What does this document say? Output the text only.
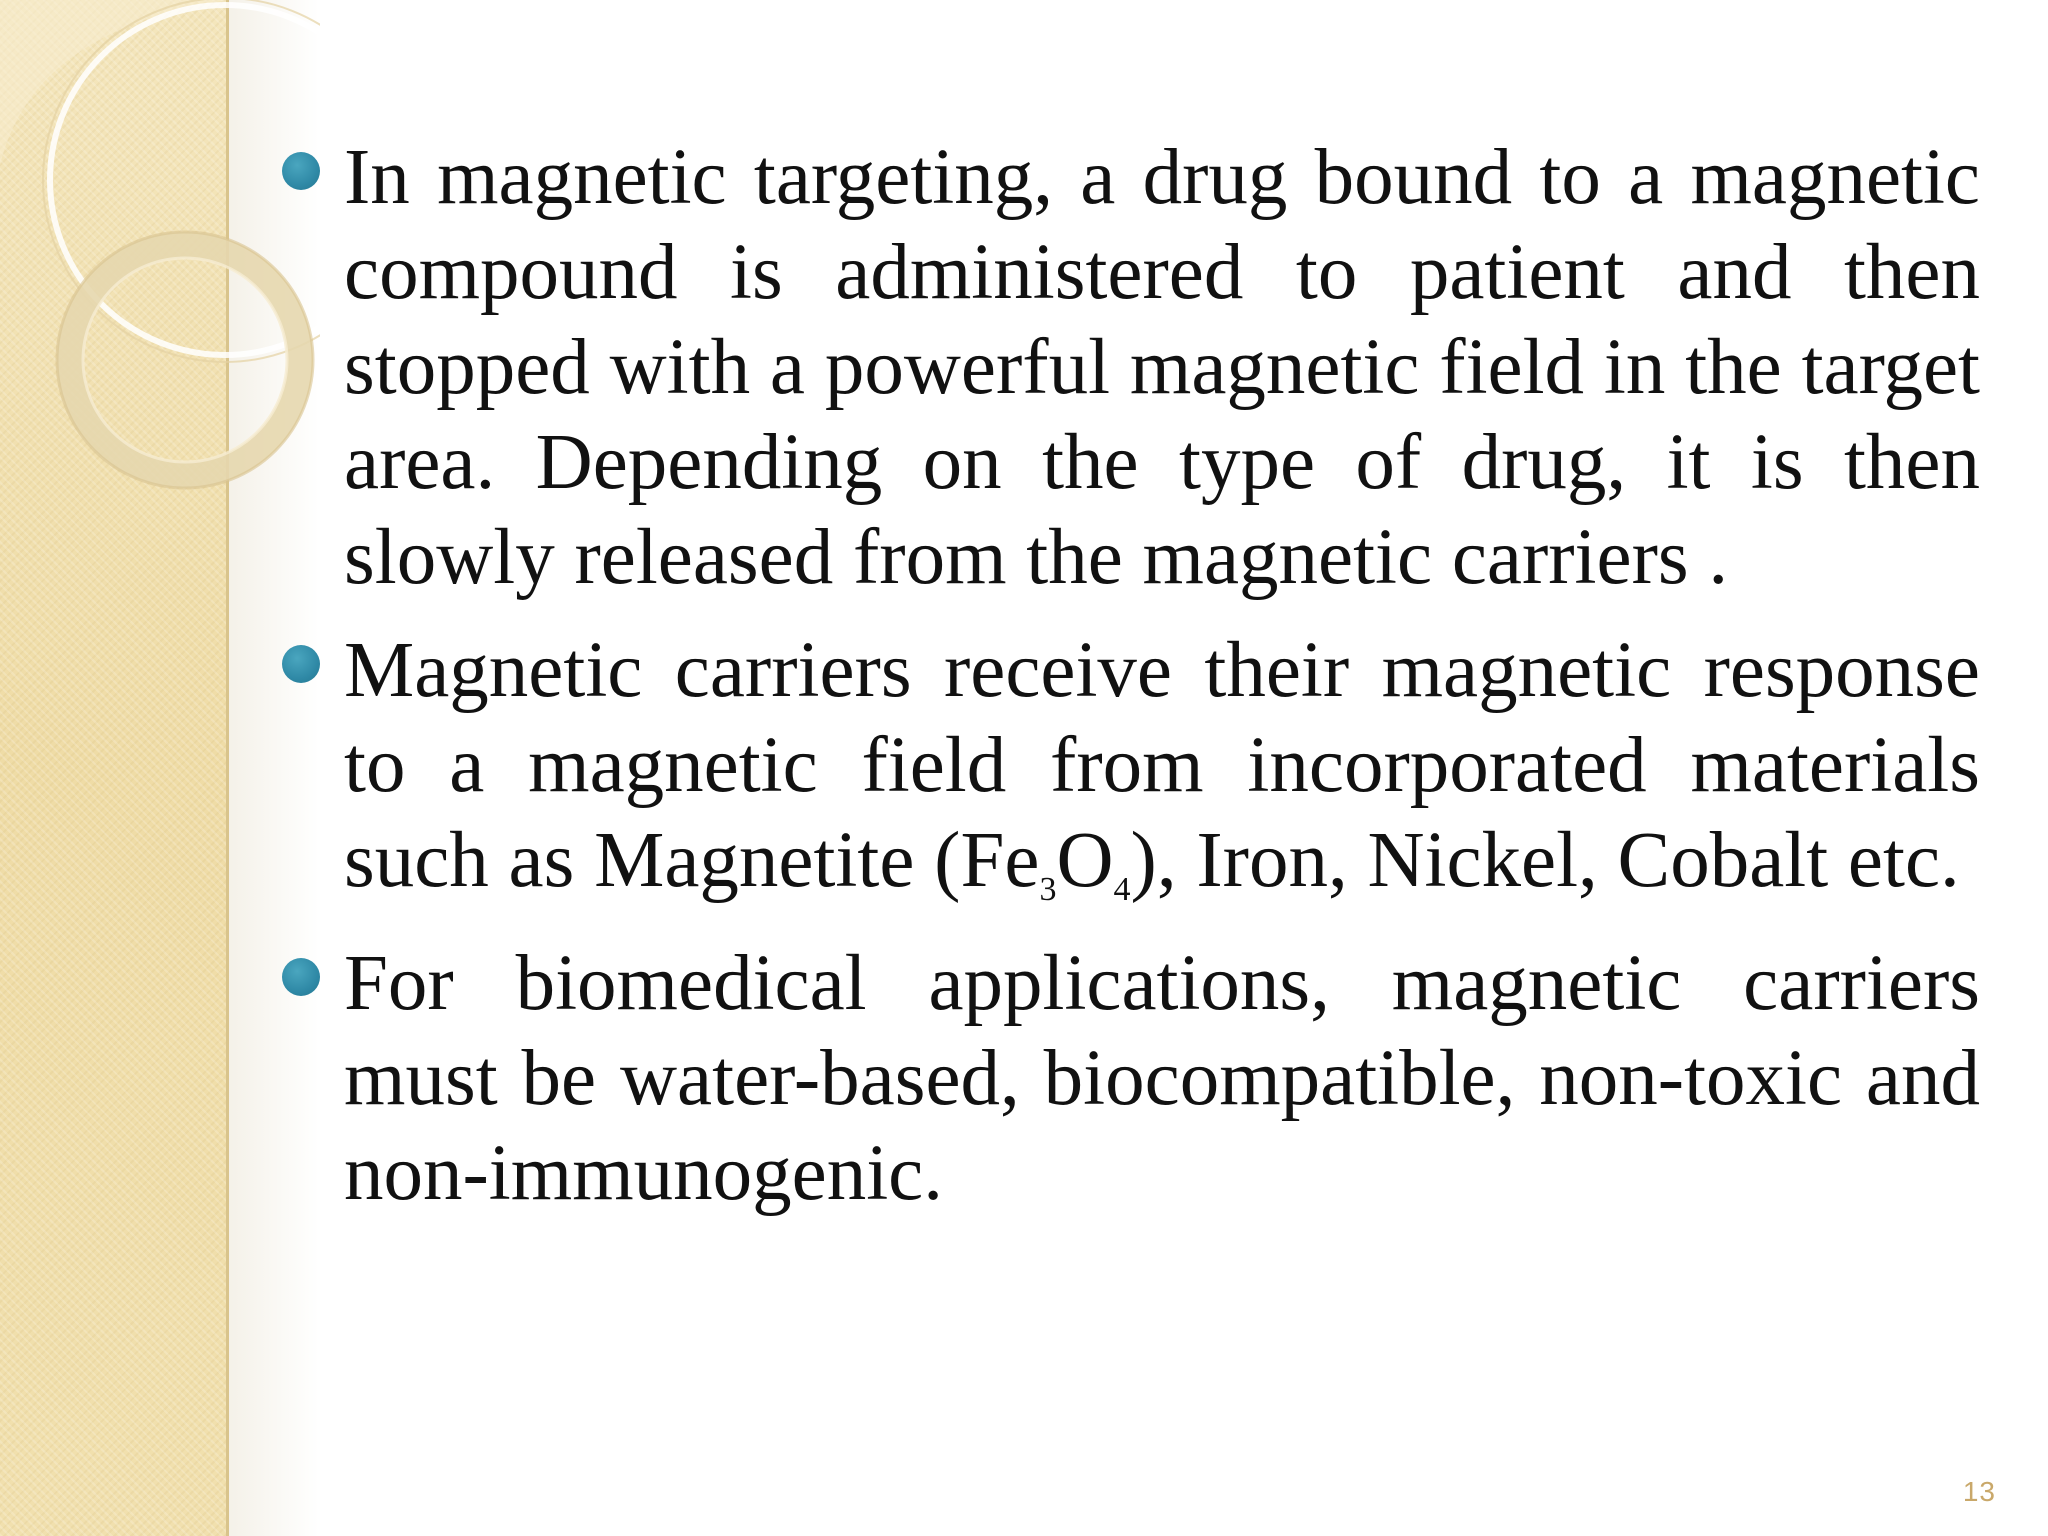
In magnetic targeting, a drug bound to a magnetic compound is administered to patient and then stopped with a powerful magnetic field in the target area. Depending on the type of drug, it is then slowly released from the magnetic carriers .
Magnetic carriers receive their magnetic response to a magnetic field from incorporated materials such as Magnetite $(Fe_3O_4)$, Iron, Nickel, Cobalt etc.
For biomedical applications, magnetic carriers must be water-based, biocompatible, non-toxic and non-immunogenic.
13
